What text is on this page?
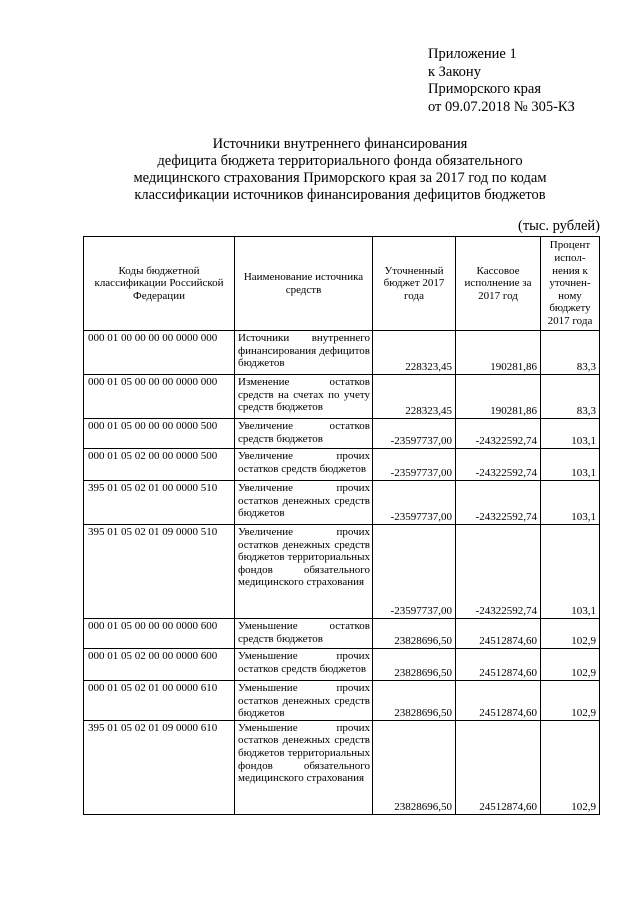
Приложение 1
к Закону
Приморского края
от 09.07.2018 № 305-КЗ
Источники внутреннего финансирования
дефицита бюджета территориального фонда обязательного
медицинского страхования Приморского края за 2017 год по кодам
классификации источников финансирования дефицитов бюджетов
(тыс. рублей)
Коды бюджетной классификации Российской Федерации	Наименование источника средств	Уточненный бюджет 2017 года	Кассовое исполнение за 2017 год	Процент испол- нения к уточнен- ному бюджету 2017 года
000 01 00 00 00 00 0000 000	Источники внутреннего финансирования дефицитов бюджетов	228323,45	190281,86	83,3
000 01 05 00 00 00 0000 000	Изменение остатков средств на счетах по учету средств бюджетов	228323,45	190281,86	83,3
000 01 05 00 00 00 0000 500	Увеличение остатков средств бюджетов	-23597737,00	-24322592,74	103,1
000 01 05 02 00 00 0000 500	Увеличение прочих остатков средств бюджетов	-23597737,00	-24322592,74	103,1
395 01 05 02 01 00 0000 510	Увеличение прочих остатков денежных средств бюджетов	-23597737,00	-24322592,74	103,1
395 01 05 02 01 09 0000 510	Увеличение прочих остатков денежных средств бюджетов территориальных фондов обязательного медицинского страхования	-23597737,00	-24322592,74	103,1
000 01 05 00 00 00 0000 600	Уменьшение остатков средств бюджетов	23828696,50	24512874,60	102,9
000 01 05 02 00 00 0000 600	Уменьшение прочих остатков средств бюджетов	23828696,50	24512874,60	102,9
000 01 05 02 01 00 0000 610	Уменьшение прочих остатков денежных средств бюджетов	23828696,50	24512874,60	102,9
395 01 05 02 01 09 0000 610	Уменьшение прочих остатков денежных средств бюджетов территориальных фондов обязательного медицинского страхования	23828696,50	24512874,60	102,9
